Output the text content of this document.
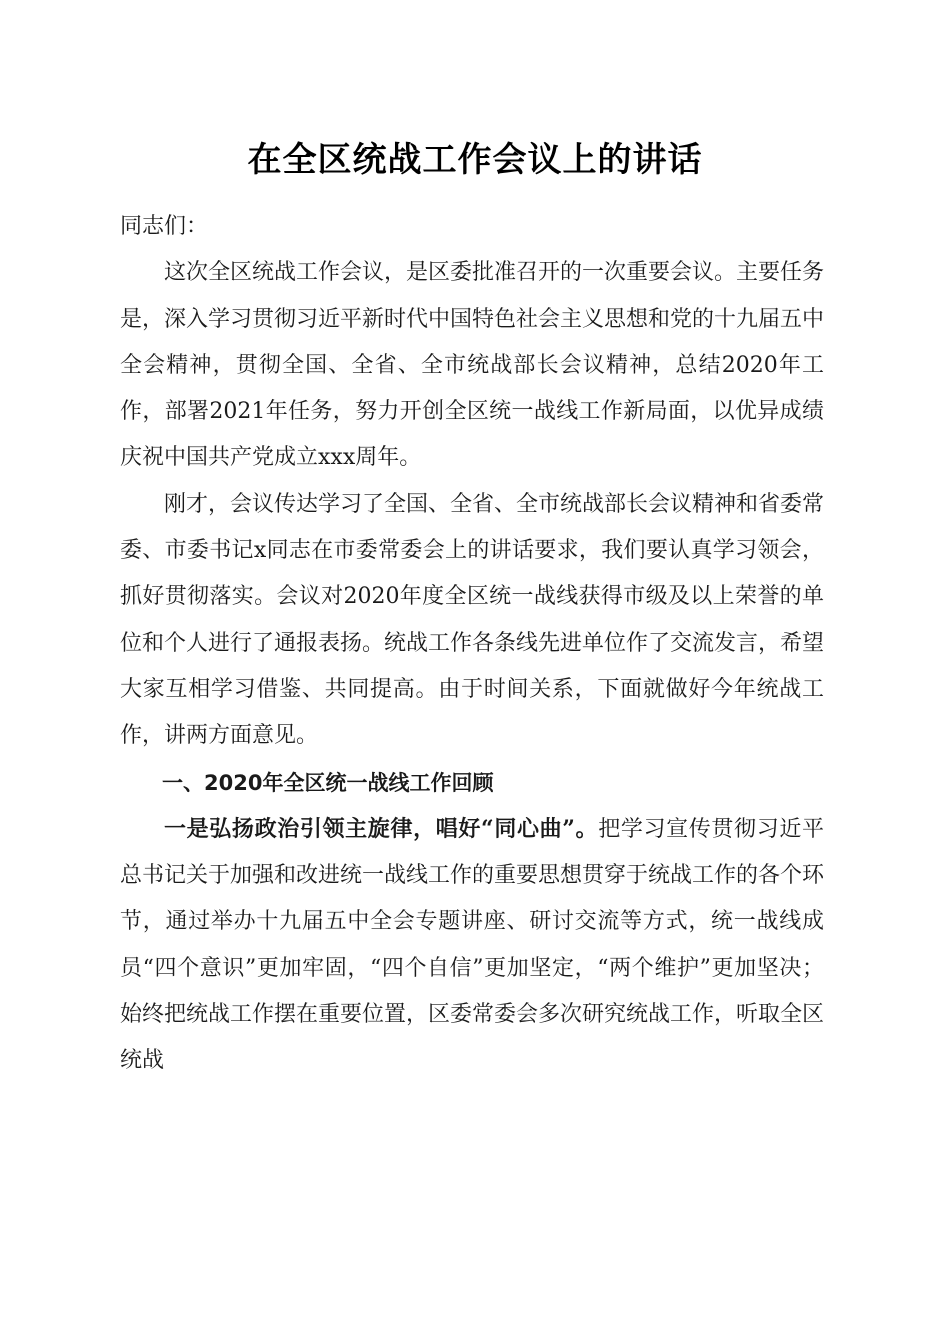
在全区统战工作会议上的讲话

同志们：

这次全区统战工作会议，是区委批准召开的一次重要会议。主要任务是，深入学习贯彻习近平新时代中国特色社会主义思想和党的十九届五中全会精神，贯彻全国、全省、全市统战部长会议精神，总结2020年工作，部署2021年任务，努力开创全区统一战线工作新局面，以优异成绩庆祝中国共产党成立xxx周年。

刚才，会议传达学习了全国、全省、全市统战部长会议精神和省委常委、市委书记x同志在市委常委会上的讲话要求，我们要认真学习领会，抓好贯彻落实。会议对2020年度全区统一战线获得市级及以上荣誉的单位和个人进行了通报表扬。统战工作各条线先进单位作了交流发言，希望大家互相学习借鉴、共同提高。由于时间关系，下面就做好今年统战工作，讲两方面意见。

一、2020年全区统一战线工作回顾

一是弘扬政治引领主旋律，唱好“同心曲”。把学习宣传贯彻习近平总书记关于加强和改进统一战线工作的重要思想贯穿于统战工作的各个环节，通过举办十九届五中全会专题讲座、研讨交流等方式，统一战线成员“四个意识”更加牢固，“四个自信”更加坚定，“两个维护”更加坚决；始终把统战工作摆在重要位置，区委常委会多次研究统战工作，听取全区统战
